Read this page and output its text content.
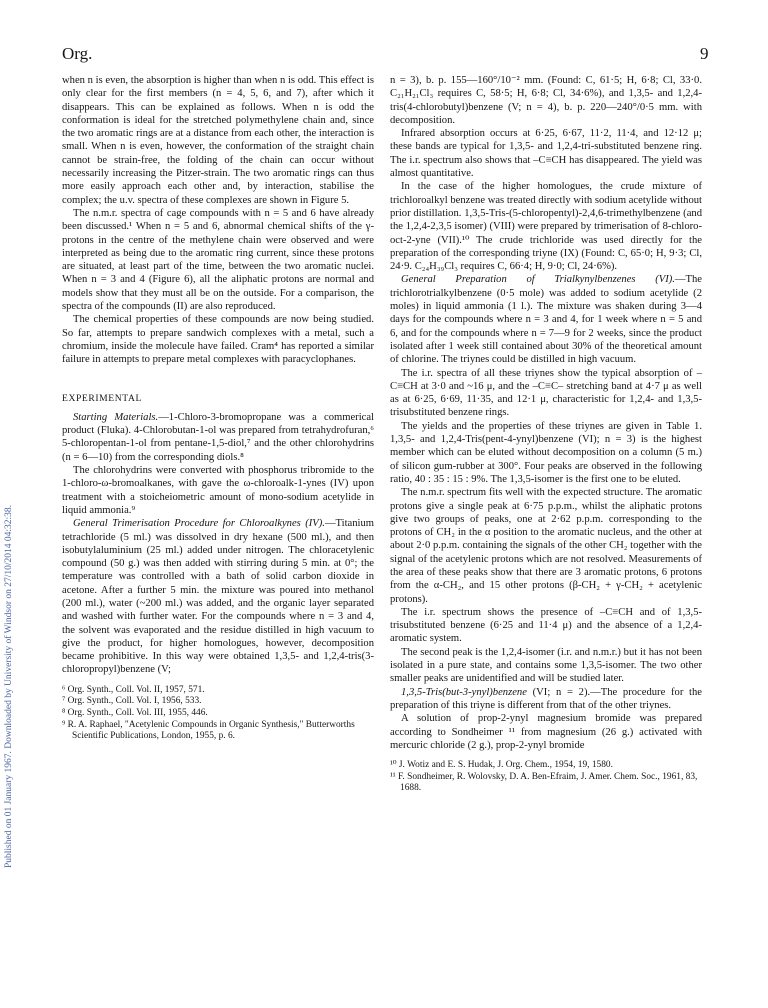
Org.	9
Published on 01 January 1967. Downloaded by University of Windsor on 27/10/2014 04:32:38.

when n is even, the absorption is higher than when n is odd. This effect is only clear for the first members (n = 4, 5, 6, and 7), after which it disappears. This can be explained as follows. When n is odd the conformation is ideal for the stretched polymethylene chain and, since the two aromatic rings are at a distance from each other, the interaction is small. When n is even, however, the conformation of the straight chain cannot be strain-free, the folding of the chain can occur without necessarily increasing the Pitzer-strain. The two aromatic rings can thus more easily approach each other and, by interaction, stabilise the complex; the u.v. spectra of these complexes are shown in Figure 5.

The n.m.r. spectra of cage compounds with n = 5 and 6 have already been discussed.¹ When n = 5 and 6, abnormal chemical shifts of the γ-protons in the centre of the methylene chain were observed and were interpreted as being due to the aromatic ring current, since these protons are situated, at least part of the time, between the two aromatic nuclei. When n = 3 and 4 (Figure 6), all the aliphatic protons are normal and models show that they must all be on the outside. For a comparison, the spectra of the compounds (II) are also reproduced.

The chemical properties of these compounds are now being studied. So far, attempts to prepare sandwich complexes with a metal, such a chromium, inside the molecule have failed. Cram⁴ has reported a similar failure in attempts to prepare metal complexes with paracyclophanes.

EXPERIMENTAL

Starting Materials.—1-Chloro-3-bromopropane was a commerical product (Fluka). 4-Chlorobutan-1-ol was prepared from tetrahydrofuran,⁶ 5-chloropentan-1-ol from pentane-1,5-diol,⁷ and the other chlorohydrins (n = 6—10) from the corresponding diols.⁸

The chlorohydrins were converted with phosphorus tribromide to the 1-chloro-ω-bromoalkanes, with gave the ω-chloroalk-1-ynes (IV) upon treatment with a stoicheiometric amount of mono-sodium acetylide in liquid ammonia.⁹

General Trimerisation Procedure for Chloroalkynes (IV).—Titanium tetrachloride (5 ml.) was dissolved in dry hexane (500 ml.), and then isobutylaluminium (25 ml.) added under nitrogen. The chloracetylenic compound (50 g.) was then added with stirring during 5 min. at 0°; the temperature was controlled with a bath of solid carbon dioxide in acetone. After a further 5 min. the mixture was poured into methanol (200 ml.), water (~200 ml.) was added, and the organic layer separated and washed with further water. For the compounds where n = 3 and 4, the solvent was evaporated and the residue distilled in high vacuum to give the product, for higher homologues, however, decomposition became prohibitive. In this way were obtained 1,3,5- and 1,2,4-tris(3-chloropropyl)benzene (V;

⁶ Org. Synth., Coll. Vol. II, 1957, 571.

⁷ Org. Synth., Coll. Vol. I, 1956, 533.

⁸ Org. Synth., Coll. Vol. III, 1955, 446.

⁹ R. A. Raphael, "Acetylenic Compounds in Organic Synthesis," Butterworths Scientific Publications, London, 1955, p. 6.

n = 3), b. p. 155—160°/10⁻² mm. (Found: C, 61·5; H, 6·8; Cl, 33·0. C₂₁H₂₁Cl₃ requires C, 58·5; H, 6·8; Cl, 34·6%), and 1,3,5- and 1,2,4-tris(4-chlorobutyl)benzene (V; n = 4), b. p. 220—240°/0·5 mm. with decomposition.

Infrared absorption occurs at 6·25, 6·67, 11·2, 11·4, and 12·12 μ; these bands are typical for 1,3,5- and 1,2,4-tri-substituted benzene ring. The i.r. spectrum also shows that –C≡CH has disappeared. The yield was almost quantitative.

In the case of the higher homologues, the crude mixture of trichloroalkyl benzene was treated directly with sodium acetylide without prior distillation. 1,3,5-Tris-(5-chloropentyl)-2,4,6-trimethylbenzene (and the 1,2,4-2,3,5 isomer) (VIII) were prepared by trimerisation of 8-chloro-oct-2-yne (VII).¹⁰ The crude trichloride was used directly for the preparation of the corresponding triyne (IX) (Found: C, 65·0; H, 9·3; Cl, 24·9. C₂₄H₃₉Cl₃ requires C, 66·4; H, 9·0; Cl, 24·6%).

General Preparation of Trialkynylbenzenes (VI).—The trichlorotrialkylbenzene (0·5 mole) was added to sodium acetylide (2 moles) in liquid ammonia (1 l.). The mixture was shaken during 3—4 days for the compounds where n = 3 and 4, for 1 week where n = 5 and 6, and for the compounds where n = 7—9 for 2 weeks, since the product isolated after 1 week still contained about 30% of the theoretical amount of chlorine. The triynes could be distilled in high vacuum.

The i.r. spectra of all these triynes show the typical absorption of –C≡CH at 3·0 and ~16 μ, and the –C≡C– stretching band at 4·7 μ as well as at 6·25, 6·69, 11·35, and 12·1 μ, characteristic for 1,2,4- and 1,3,5-trisubstituted benzene rings.

The yields and the properties of these triynes are given in Table 1. 1,3,5- and 1,2,4-Tris(pent-4-ynyl)benzene (VI); n = 3) is the highest member which can be eluted without decomposition on a column (5 m.) of silicon gum-rubber at 300°. Four peaks are observed in the following ratio, 40 : 35 : 15 : 9%. The 1,3,5-isomer is the first one to be eluted.

The n.m.r. spectrum fits well with the expected structure. The aromatic protons give a single peak at 6·75 p.p.m., whilst the aliphatic protons give two groups of peaks, one at 2·62 p.p.m. corresponding to the protons of CH₂ in the α position to the aromatic nucleus, and the other at about 2·0 p.p.m. containing the signals of the other CH₂ together with the signal of the acetylenic protons which are not resolved. Measurements of the area of these peaks show that there are 3 aromatic protons, 6 protons from the α-CH₂, and 15 other protons (β-CH₂ + γ-CH₂ + acetylenic protons).

The i.r. spectrum shows the presence of –C≡CH and of 1,3,5-trisubstituted benzene (6·25 and 11·4 μ) and the absence of a 1,2,4-aromatic system.

The second peak is the 1,2,4-isomer (i.r. and n.m.r.) but it has not been isolated in a pure state, and contains some 1,3,5-isomer. The two other smaller peaks are unidentified and will be studied later.

1,3,5-Tris(but-3-ynyl)benzene (VI; n = 2).—The procedure for the preparation of this triyne is different from that of the other triynes.

A solution of prop-2-ynyl magnesium bromide was prepared according to Sondheimer ¹¹ from magnesium (26 g.) activated with mercuric chloride (2 g.), prop-2-ynyl bromide

¹⁰ J. Wotiz and E. S. Hudak, J. Org. Chem., 1954, 19, 1580.

¹¹ F. Sondheimer, R. Wolovsky, D. A. Ben-Efraim, J. Amer. Chem. Soc., 1961, 83, 1688.
